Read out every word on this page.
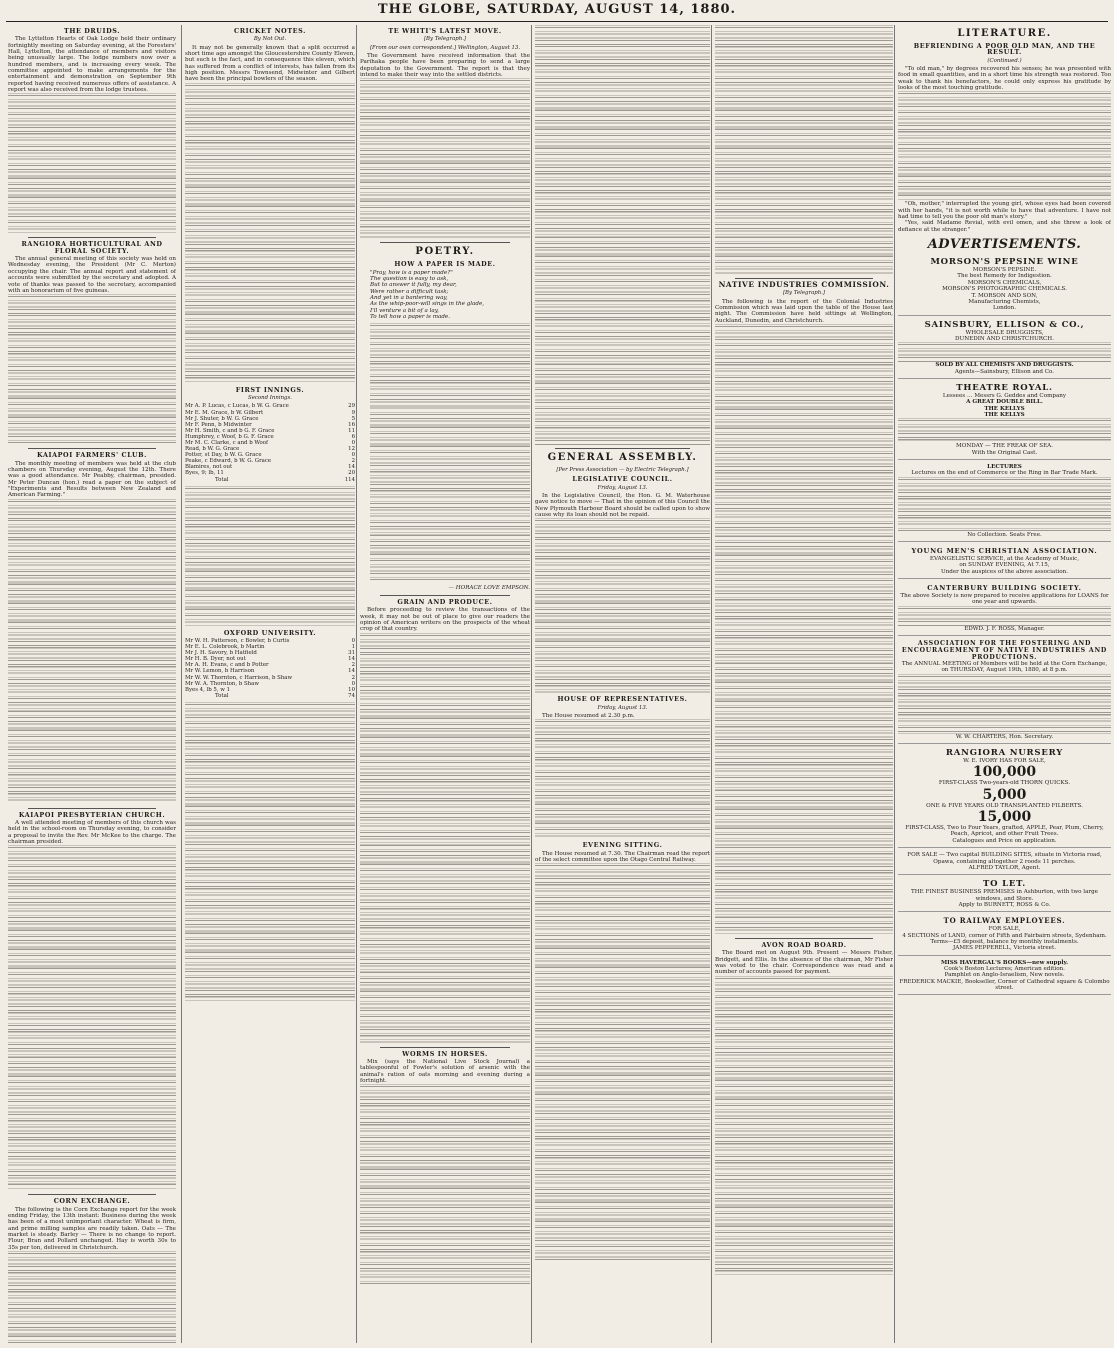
THE GLOBE, SATURDAY, AUGUST 14, 1880.
THE DRUIDS.

The Lyttelton Hearts of Oak Lodge held their ordinary fortnightly meeting on Saturday evening, at the Foresters' Hall, Lyttelton, the attendance of members and visitors being unusually large. The lodge numbers now over a hundred members, and is increasing every week. The committee appointed to make arrangements for the entertainment and demonstration on September 9th reported having received numerous offers of assistance. A report was also received from the lodge trustees.

RANGIORA HORTICULTURAL AND FLORAL SOCIETY.

The annual general meeting of this society was held on Wednesday evening, the President (Mr C. Merton) occupying the chair. The annual report and statement of accounts were submitted by the secretary and adopted. A vote of thanks was passed to the secretary, accompanied with an honorarium of five guineas.

KAIAPOI FARMERS' CLUB.

The monthly meeting of members was held at the club chambers on Thursday evening, August the 12th. There was a good attendance. Mr Peabby, chairman, presided. Mr Peter Duncan (hon.) read a paper on the subject of "Experiments and Results between New Zealand and American Farming."

KAIAPOI PRESBYTERIAN CHURCH.

A well attended meeting of members of this church was held in the school-room on Thursday evening, to consider a proposal to invite the Rev. Mr McKee to the charge. The chairman presided.

CORN EXCHANGE.

The following is the Corn Exchange report for the week ending Friday, the 13th instant: Business during the week has been of a most unimportant character. Wheat is firm, and prime milling samples are readily taken. Oats — The market is steady. Barley — There is no change to report. Flour, Bran and Pollard unchanged. Hay is worth 30s to 35s per ton, delivered in Christchurch.

CRICKET NOTES.
By Not Out.

It may not be generally known that a split occurred a short time ago amongst the Gloucestershire County Eleven, but such is the fact, and in consequence this eleven, which has suffered from a conflict of interests, has fallen from its high position. Messrs Townsend, Midwinter and Gilbert have been the principal bowlers of the season.

FIRST INNINGS.
Second Innings.
Mr A. P. Lucas, c Lucas, b W. G. Grace	29
Mr E. M. Grace, b W. Gilbert	9
Mr J. Shuter, b W. G. Grace	5
Mr F. Penn, b Midwinter	16
Mr H. Smith, c and b G. F. Grace	11
Humphrey, c Woof, b G. F. Grace	6
Mr M. C. Clarke, c and b Woof	0
Read, b W. G. Grace	12
Potter, st Day, b W. G. Grace	0
Peake, c Edward, b W. G. Grace	2
Blamires, not out	14
Byes, 9; lb, 11	20
Total	114
OXFORD UNIVERSITY.
Mr W. H. Patterson, c Bowler, b Curtis	0
Mr E. L. Colebrook, b Martin	1
Mr J. H. Savory, b Hatfield	31
Mr H. B. Dyer, not out	14
Mr A. H. Evans, c and b Potter	2
Mr W. Lemon, b Harrison	14
Mr W. W. Thornton, c Harrison, b Shaw	2
Mr W. A. Thornton, b Shaw	0
Byes 4, lb 5, w 1	10
Total	74
TE WHITI'S LATEST MOVE.
[By Telegraph.]
[From our own correspondent.] Wellington, August 13.

The Government have received information that the Parihaka people have been preparing to send a large deputation to the Government. The report is that they intend to make their way into the settled districts.

POETRY.
HOW A PAPER IS MADE.
"Pray, how is a paper made?"
The question is easy to ask,
But to answer it fully, my dear,
Were rather a difficult task;
And yet in a bantering way,
As the whip-poor-will sings in the glade,
I'll venture a bit of a lay,
To tell how a paper is made.
— HORACE LOVE EMPSON.
GRAIN AND PRODUCE.

Before proceeding to review the transactions of the week, it may not be out of place to give our readers the opinion of American writers on the prospects of the wheat crop of that country.

WORMS IN HORSES.

Mix (says the National Live Stock Journal) a tablespoonful of Fowler's solution of arsenic with the animal's ration of oats morning and evening during a fortnight.

GENERAL ASSEMBLY.
[Per Press Association — by Electric Telegraph.]
LEGISLATIVE COUNCIL.
Friday, August 13.

In the Legislative Council, the Hon. G. M. Waterhouse gave notice to move — That in the opinion of this Council the New Plymouth Harbour Board should be called upon to show cause why its loan should not be repaid.

HOUSE OF REPRESENTATIVES.
Friday, August 13.

The House resumed at 2.30 p.m.

EVENING SITTING.

The House resumed at 7.30. The Chairman read the report of the select committee upon the Otago Central Railway.

NATIVE INDUSTRIES COMMISSION.
[By Telegraph.]

The following is the report of the Colonial Industries Commission which was laid upon the table of the House last night. The Commission have held sittings at Wellington, Auckland, Dunedin, and Christchurch.

AVON ROAD BOARD.

The Board met on August 9th. Present — Messrs Fisher, Bridgett, and Ellis. In the absence of the chairman, Mr Fisher was voted to the chair. Correspondence was read and a number of accounts passed for payment.

LITERATURE.
BEFRIENDING A POOR OLD MAN, AND THE RESULT.
(Continued.)

"To old man," by degrees recovered his senses; he was presented with food in small quantities, and in a short time his strength was restored. Too weak to thank his benefactors, he could only express his gratitude by looks of the most touching gratitude.

"Oh, mother," interrupted the young girl, whose eyes had been covered with her hands, "it is not worth while to have that adventure. I have not had time to tell you the poor old man's story."

"Yes, said Madame Revial, with evil omen, and she threw a look of defiance at the stranger."

ADVERTISEMENTS.
MORSON'S PEPSINE WINE
MORSON'S PEPSINE.
The best Remedy for Indigestion.
MORSON'S CHEMICALS,
MORSON'S PHOTOGRAPHIC CHEMICALS.
T. MORSON AND SON,
Manufacturing Chemists,
London.
SAINSBURY, ELLISON & CO.,
WHOLESALE DRUGGISTS,
DUNEDIN AND CHRISTCHURCH.
SOLD BY ALL CHEMISTS AND DRUGGISTS.
Agents—Sainsbury, Ellison and Co.
THEATRE ROYAL.
Lessees … Messrs G. Geddes and Company
A GREAT DOUBLE BILL.
THE KELLYS
THE KELLYS
MONDAY — THE FREAK OF SEA.
With the Original Cast.
LECTURES
Lectures on the end of Commerce or the Ring in Bar Trade Mark.
No Collection. Seats Free.
YOUNG MEN'S CHRISTIAN ASSOCIATION.
EVANGELISTIC SERVICE, at the Academy of Music,
on SUNDAY EVENING, At 7.15,
Under the auspices of the above association.
CANTERBURY BUILDING SOCIETY.
The above Society is now prepared to receive applications for LOANS for one year and upwards.
EDWD. J. F. ROSS, Manager.
ASSOCIATION FOR THE FOSTERING AND ENCOURAGEMENT OF NATIVE INDUSTRIES AND PRODUCTIONS.
The ANNUAL MEETING of Members will be held at the Corn Exchange, on THURSDAY, August 19th, 1880, at 8 p.m.
W. W. CHARTERS, Hon. Secretary.
RANGIORA NURSERY
W. E. IVORY HAS FOR SALE,
100,000
FIRST-CLASS Two-years-old THORN QUICKS.
5,000
ONE & FIVE YEARS OLD TRANSPLANTED FILBERTS.
15,000
FIRST-CLASS, Two to Four Years, grafted, APPLE, Pear, Plum, Cherry, Peach, Apricot, and other Fruit Trees.
Catalogues and Price on application.
FOR SALE — Two capital BUILDING SITES, situate in Victoria road, Opawa, containing altogether 2 roods 11 perches.
ALFRED TAYLOR, Agent.
TO LET.
THE FINEST BUSINESS PREMISES in Ashburton, with two large windows, and Store.
Apply to BURNETT, ROSS & Co.
TO RAILWAY EMPLOYEES.
FOR SALE,
4 SECTIONS of LAND, corner of Fifth and Fairbairn streets, Sydenham.
Terms—£5 deposit, balance by monthly instalments.
JAMES PEPPERELL, Victoria street.
MISS HAVERGAL'S BOOKS—new supply.
Cook's Boston Lectures; American edition.
Pamphlet on Anglo-Israelism, New novels.
FREDERICK MACKIE, Bookseller, Corner of Cathedral square & Colombo street.
